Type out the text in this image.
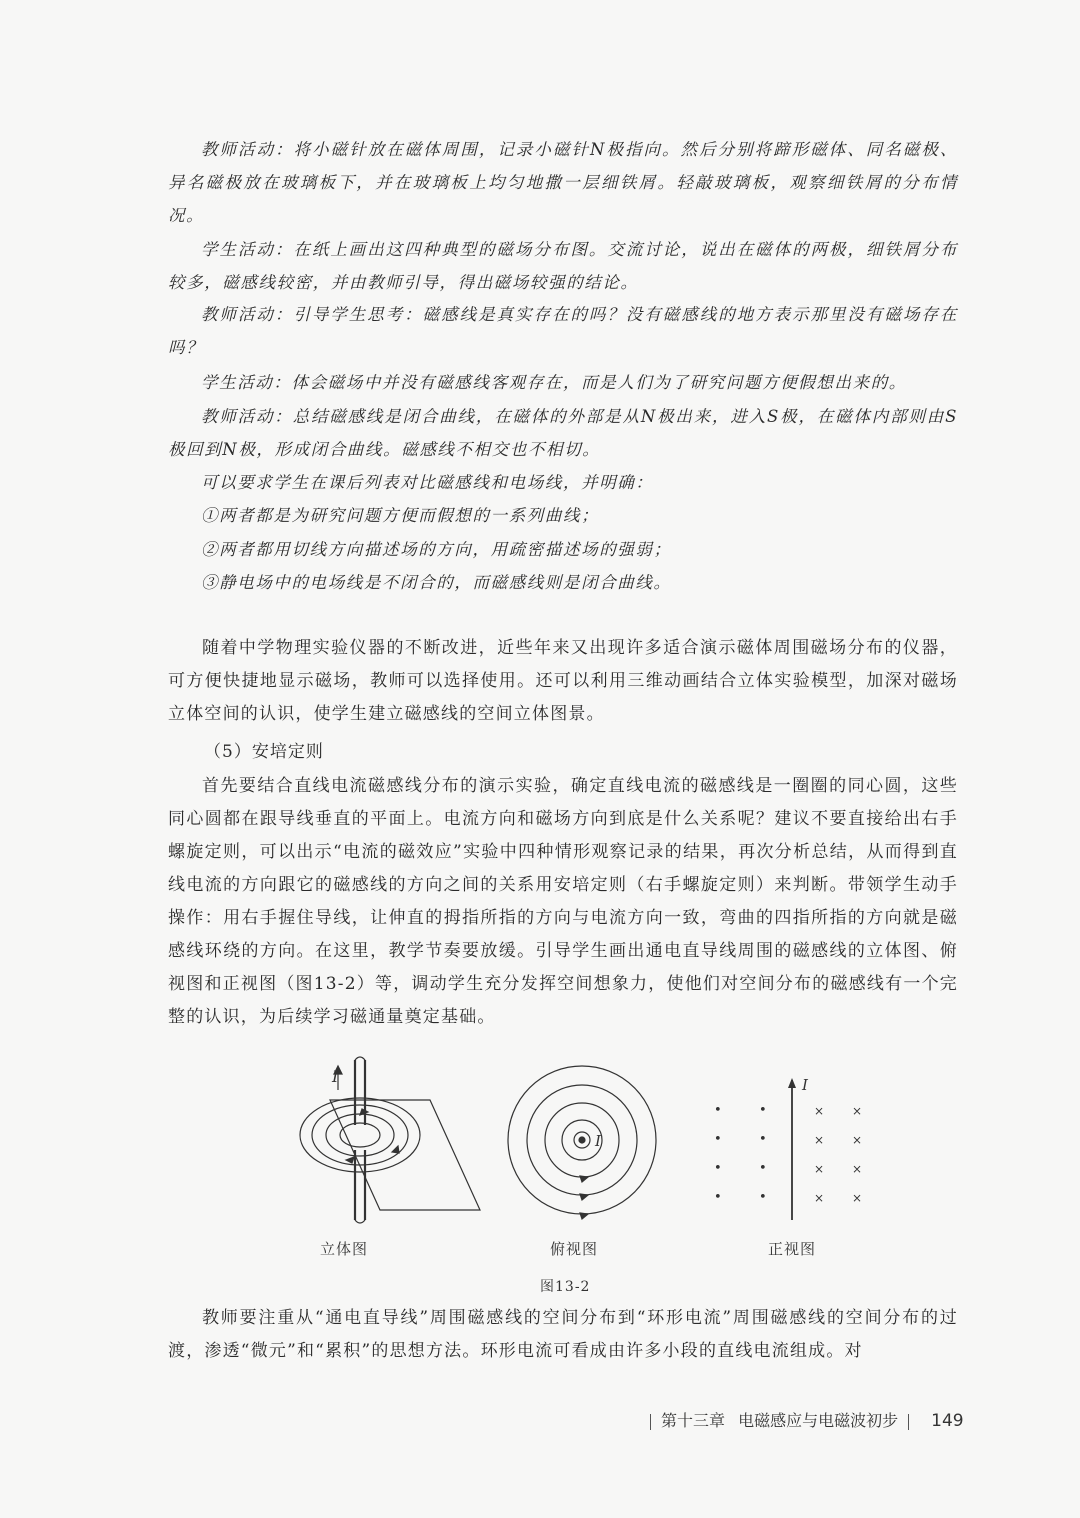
教师活动：将小磁针放在磁体周围，记录小磁针N极指向。然后分别将蹄形磁体、同名磁极、异名磁极放在玻璃板下，并在玻璃板上均匀地撒一层细铁屑。轻敲玻璃板，观察细铁屑的分布情况。

学生活动：在纸上画出这四种典型的磁场分布图。交流讨论，说出在磁体的两极，细铁屑分布较多，磁感线较密，并由教师引导，得出磁场较强的结论。

教师活动：引导学生思考：磁感线是真实存在的吗？没有磁感线的地方表示那里没有磁场存在吗？

学生活动：体会磁场中并没有磁感线客观存在，而是人们为了研究问题方便假想出来的。

教师活动：总结磁感线是闭合曲线，在磁体的外部是从N极出来，进入S极，在磁体内部则由S极回到N极，形成闭合曲线。磁感线不相交也不相切。

可以要求学生在课后列表对比磁感线和电场线，并明确：

①两者都是为研究问题方便而假想的一系列曲线；

②两者都用切线方向描述场的方向，用疏密描述场的强弱；

③静电场中的电场线是不闭合的，而磁感线则是闭合曲线。

随着中学物理实验仪器的不断改进，近些年来又出现许多适合演示磁体周围磁场分布的仪器，可方便快捷地显示磁场，教师可以选择使用。还可以利用三维动画结合立体实验模型，加深对磁场立体空间的认识，使学生建立磁感线的空间立体图景。

（5）安培定则

首先要结合直线电流磁感线分布的演示实验，确定直线电流的磁感线是一圈圈的同心圆，这些同心圆都在跟导线垂直的平面上。电流方向和磁场方向到底是什么关系呢？建议不要直接给出右手螺旋定则，可以出示“电流的磁效应”实验中四种情形观察记录的结果，再次分析总结，从而得到直线电流的方向跟它的磁感线的方向之间的关系用安培定则（右手螺旋定则）来判断。带领学生动手操作：用右手握住导线，让伸直的拇指所指的方向与电流方向一致，弯曲的四指所指的方向就是磁感线环绕的方向。在这里，教学节奏要放缓。引导学生画出通电直导线周围的磁感线的立体图、俯视图和正视图（图13-2）等，调动学生充分发挥空间想象力，使他们对空间分布的磁感线有一个完整的认识，为后续学习磁通量奠定基础。

I
I
I
•	•
•	•
•	•
•	•
× ×
× ×
× ×
× ×
立体图	俯视图	正视图
图13-2

教师要注重从“通电直导线”周围磁感线的空间分布到“环形电流”周围磁感线的空间分布的过渡，渗透“微元”和“累积”的思想方法。环形电流可看成由许多小段的直线电流组成。对

第十三章 电磁感应与电磁波初步 149
